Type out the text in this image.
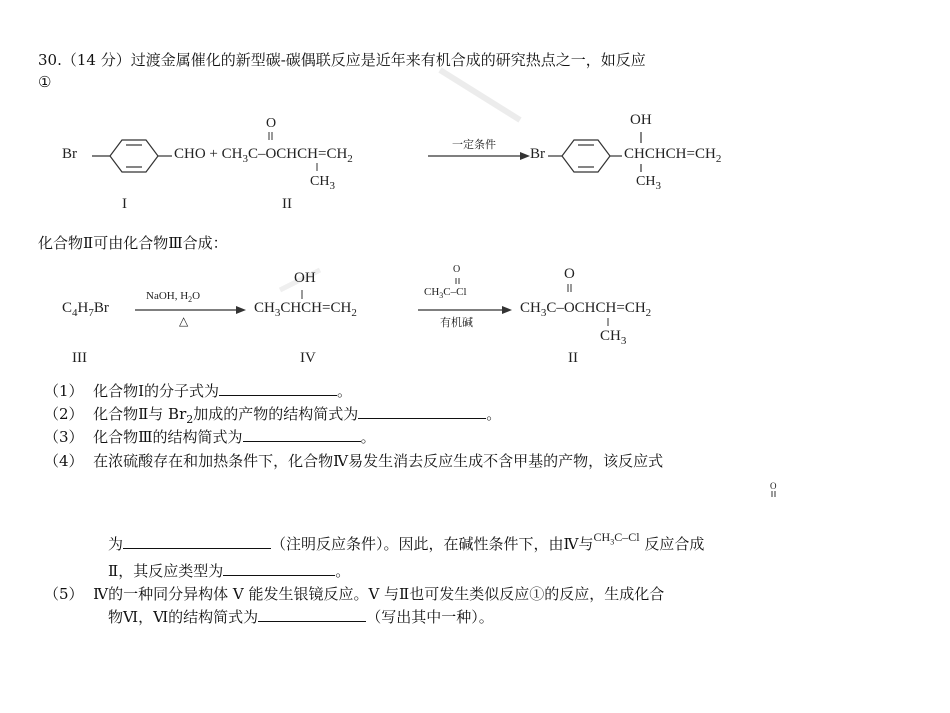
30.（14 分）过渡金属催化的新型碳-碳偶联反应是近年来有机合成的研究热点之一，如反应
①
Br	CHO + $CH_3C-OCHCH=CH_2$
O
$CH_3$
一定条件
Br
OH
$CHCHCH=CH_2$
$CH_3$
I	II
化合物Ⅱ可由化合物Ⅲ合成：
$C_4H_7Br$
NaOH, $H_2O$
△
OH
$CH_3CHCH=CH_2$
O
$CH_3C-Cl$
有机碱
O
$CH_3C-OCHCH=CH_2$
$CH_3$
III	IV	II
（1） 化合物Ⅰ的分子式为	。
（2） 化合物Ⅱ与 $Br_2$加成的产物的结构简式为	。
（3） 化合物Ⅲ的结构简式为	。
（4） 在浓硫酸存在和加热条件下，化合物Ⅳ易发生消去反应生成不含甲基的产物，该反应式
O
为	（注明反应条件）。因此，在碱性条件下，由Ⅳ与$^{CH_3C-Cl}$ 反应合成
Ⅱ，其反应类型为	。
（5） Ⅳ的一种同分异构体 V 能发生银镜反应。V 与Ⅱ也可发生类似反应①的反应，生成化合
物Ⅵ，Ⅵ的结构简式为	（写出其中一种）。
